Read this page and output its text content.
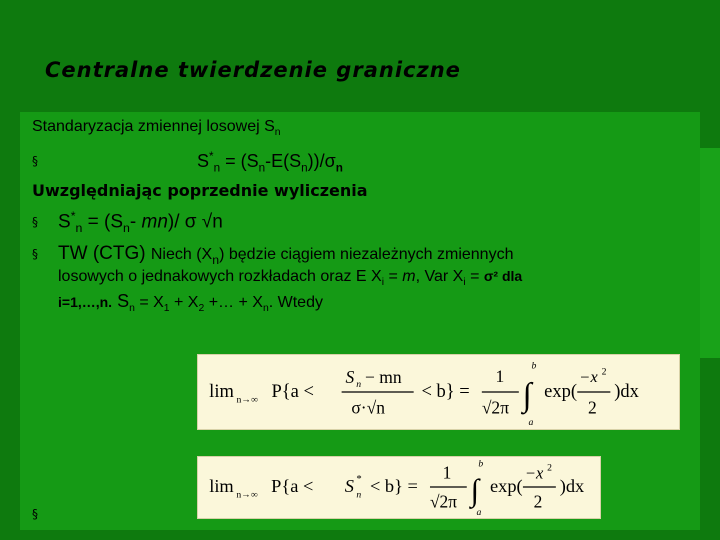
Centralne twierdzenie graniczne
Standaryzacja zmiennej losowej $S_n$
§	$S^*_n = (S_n-E(S_n))/\sigma_n$
Uwzględniając poprzednie wyliczenia
§ $S^*_n = (S_n-$ mn)/ σ √n
§ TW (CTG) Niech $(X_n)$ będzie ciągiem niezależnych zmiennych
losowych o jednakowych rozkładach oraz E $X_i = m$, Var $X_i = \sigma^2$ dla
i=1,…,n. $S_n = X_1 + X_2$ +… + $X_n$. Wtedy
lim n→∞ P{a <
S n − mn
σ·√n
< b} =
1
√2π ∫
b
a
exp(
−x 2
2
)dx
lim n→∞ P{a < S *
n < b} =
1
√2π ∫
b
a
exp(
−x 2
2
)dx
§
